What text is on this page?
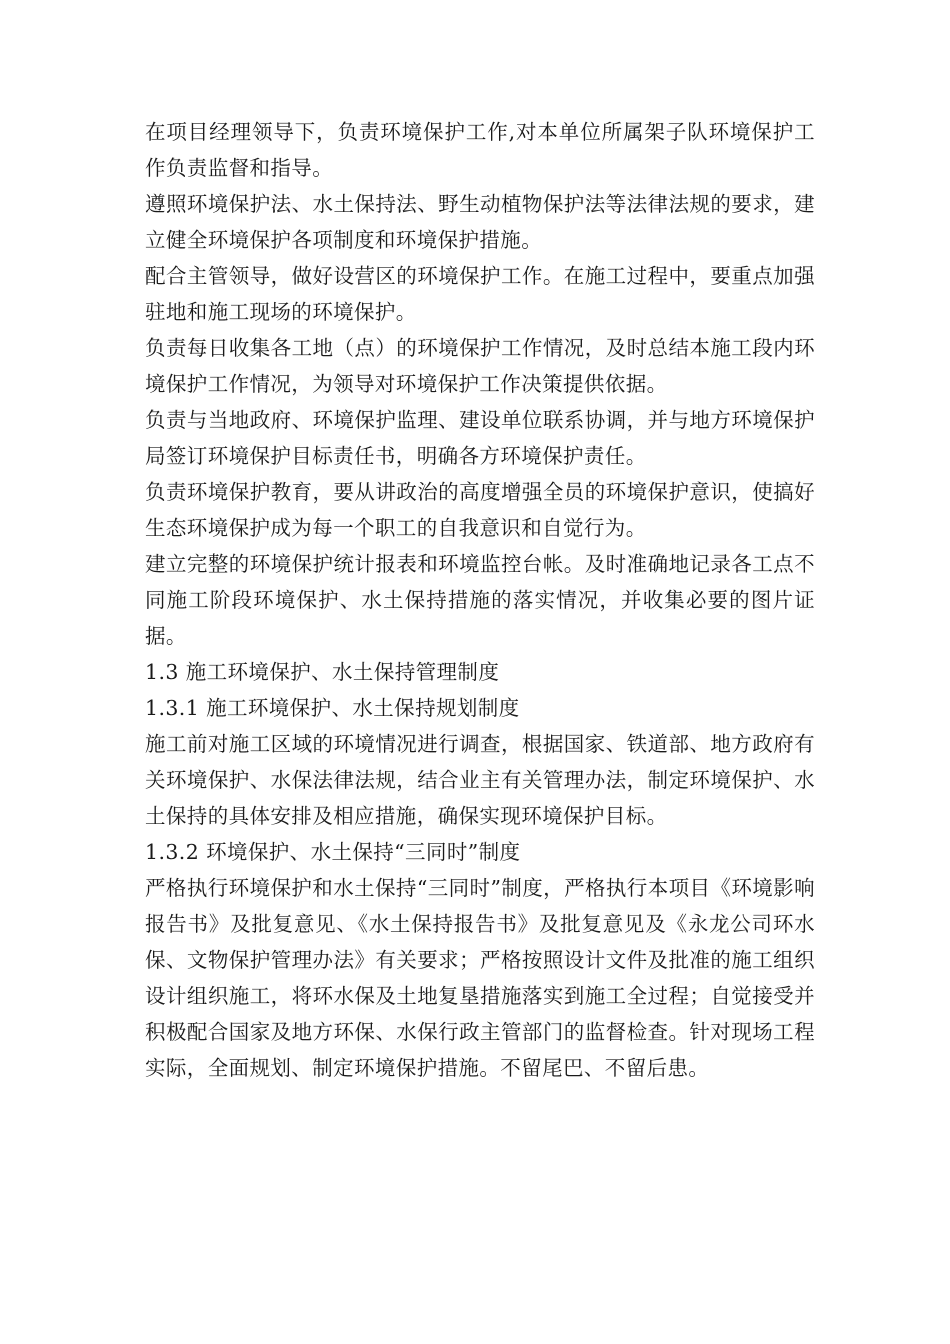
在项目经理领导下，负责环境保护工作,对本单位所属架子队环境保护工作负责监督和指导。

遵照环境保护法、水土保持法、野生动植物保护法等法律法规的要求，建立健全环境保护各项制度和环境保护措施。

配合主管领导，做好设营区的环境保护工作。在施工过程中，要重点加强驻地和施工现场的环境保护。

负责每日收集各工地（点）的环境保护工作情况，及时总结本施工段内环境保护工作情况，为领导对环境保护工作决策提供依据。

负责与当地政府、环境保护监理、建设单位联系协调，并与地方环境保护局签订环境保护目标责任书，明确各方环境保护责任。

负责环境保护教育，要从讲政治的高度增强全员的环境保护意识，使搞好生态环境保护成为每一个职工的自我意识和自觉行为。

建立完整的环境保护统计报表和环境监控台帐。及时准确地记录各工点不同施工阶段环境保护、水土保持措施的落实情况，并收集必要的图片证据。

1.3 施工环境保护、水土保持管理制度

1.3.1 施工环境保护、水土保持规划制度

施工前对施工区域的环境情况进行调查，根据国家、铁道部、地方政府有关环境保护、水保法律法规，结合业主有关管理办法，制定环境保护、水土保持的具体安排及相应措施，确保实现环境保护目标。

1.3.2 环境保护、水土保持“三同时”制度

严格执行环境保护和水土保持“三同时”制度，严格执行本项目《环境影响报告书》及批复意见、《水土保持报告书》及批复意见及《永龙公司环水保、文物保护管理办法》有关要求；严格按照设计文件及批准的施工组织设计组织施工，将环水保及土地复垦措施落实到施工全过程；自觉接受并积极配合国家及地方环保、水保行政主管部门的监督检查。针对现场工程实际，全面规划、制定环境保护措施。不留尾巴、不留后患。
